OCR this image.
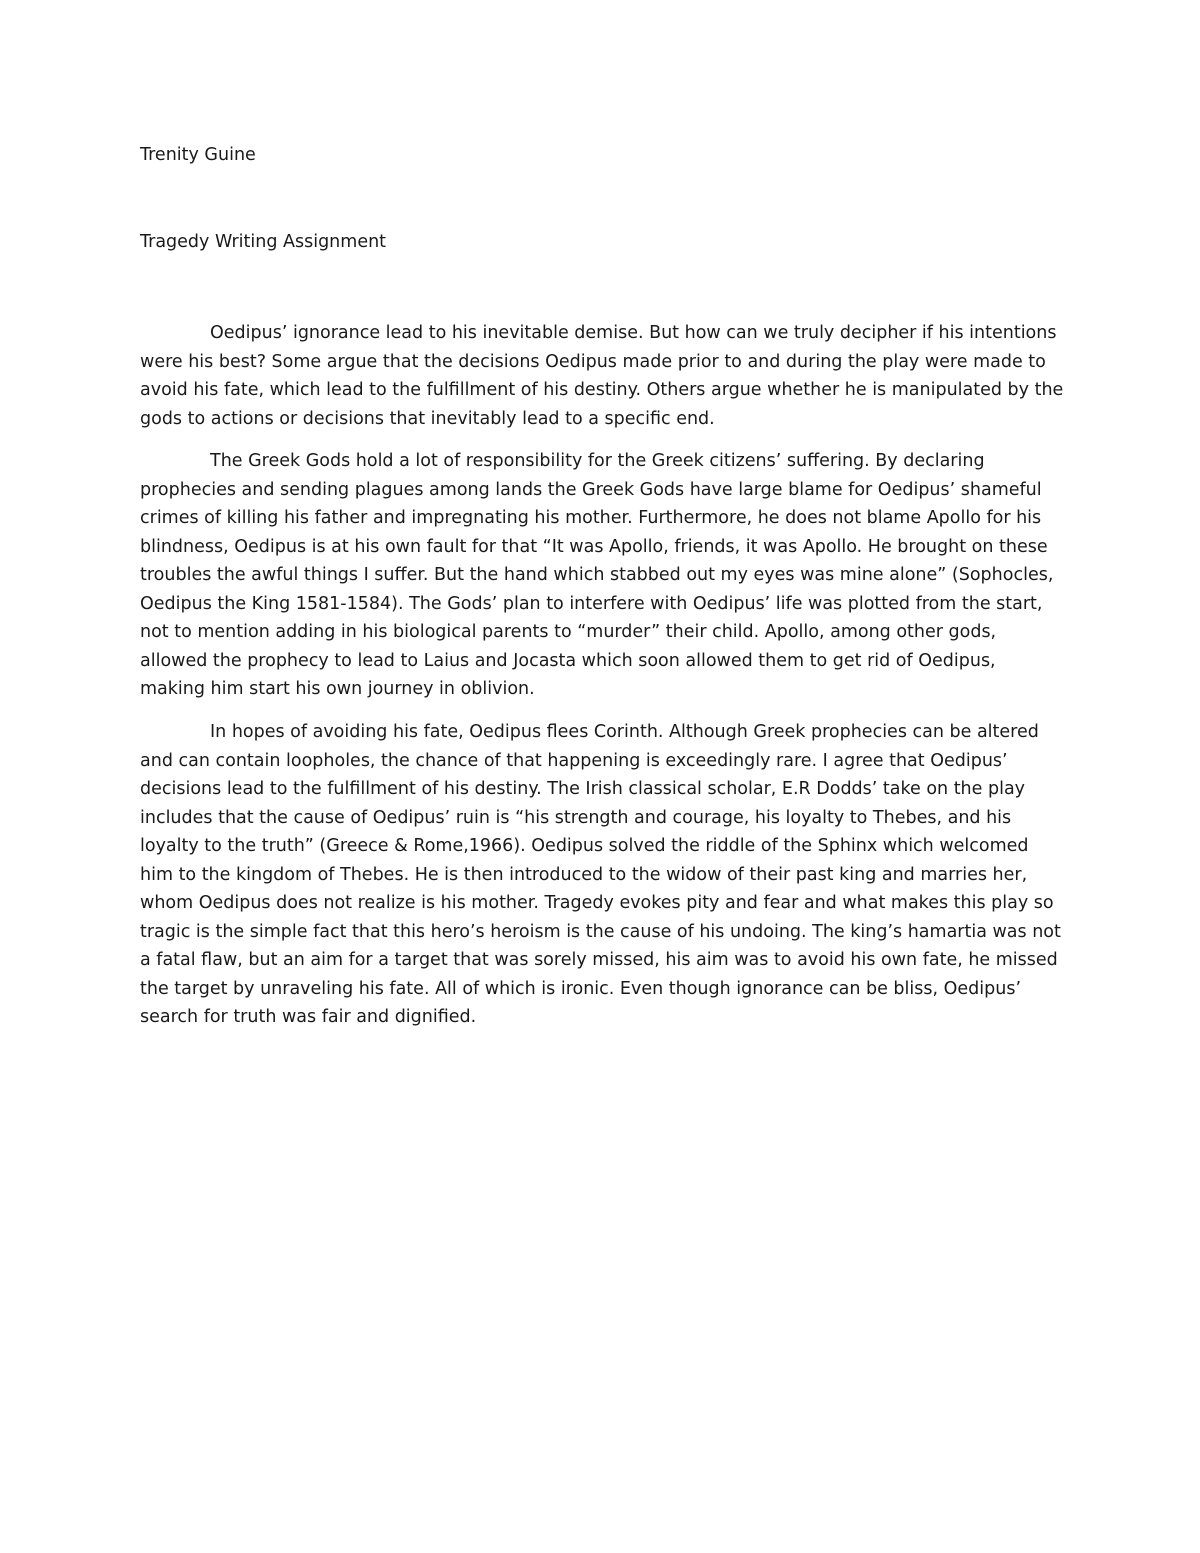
Trenity Guine
Tragedy Writing Assignment
Oedipus’ ignorance lead to his inevitable demise. But how can we truly decipher if his intentions
were his best? Some argue that the decisions Oedipus made prior to and during the play were made to
avoid his fate, which lead to the fulfillment of his destiny. Others argue whether he is manipulated by the
gods to actions or decisions that inevitably lead to a specific end.
The Greek Gods hold a lot of responsibility for the Greek citizens’ suffering. By declaring
prophecies and sending plagues among lands the Greek Gods have large blame for Oedipus’ shameful
crimes of killing his father and impregnating his mother. Furthermore, he does not blame Apollo for his
blindness, Oedipus is at his own fault for that “It was Apollo, friends, it was Apollo. He brought on these
troubles the awful things I suffer. But the hand which stabbed out my eyes was mine alone” (Sophocles,
Oedipus the King 1581-1584). The Gods’ plan to interfere with Oedipus’ life was plotted from the start,
not to mention adding in his biological parents to “murder” their child. Apollo, among other gods,
allowed the prophecy to lead to Laius and Jocasta which soon allowed them to get rid of Oedipus,
making him start his own journey in oblivion.
In hopes of avoiding his fate, Oedipus flees Corinth. Although Greek prophecies can be altered
and can contain loopholes, the chance of that happening is exceedingly rare. I agree that Oedipus’
decisions lead to the fulfillment of his destiny. The Irish classical scholar, E.R Dodds’ take on the play
includes that the cause of Oedipus’ ruin is “his strength and courage, his loyalty to Thebes, and his
loyalty to the truth” (Greece & Rome,1966). Oedipus solved the riddle of the Sphinx which welcomed
him to the kingdom of Thebes. He is then introduced to the widow of their past king and marries her,
whom Oedipus does not realize is his mother. Tragedy evokes pity and fear and what makes this play so
tragic is the simple fact that this hero’s heroism is the cause of his undoing. The king’s hamartia was not
a fatal flaw, but an aim for a target that was sorely missed, his aim was to avoid his own fate, he missed
the target by unraveling his fate. All of which is ironic. Even though ignorance can be bliss, Oedipus’
search for truth was fair and dignified.
